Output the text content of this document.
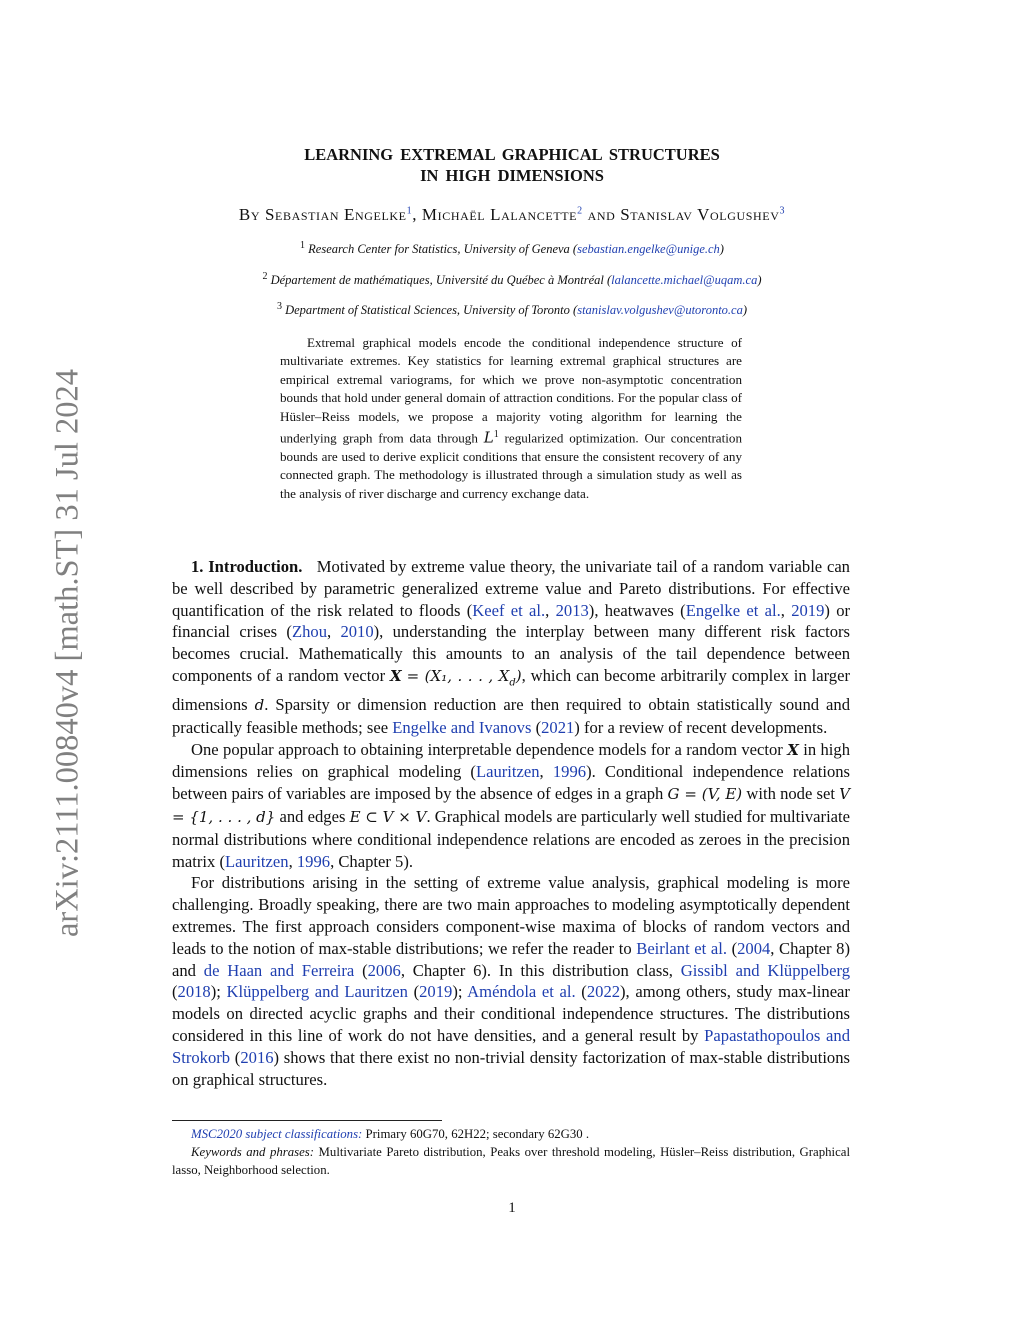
arXiv:2111.00840v4 [math.ST] 31 Jul 2024
LEARNING EXTREMAL GRAPHICAL STRUCTURES
IN HIGH DIMENSIONS
By Sebastian Engelke$^1$, Michaël Lalancette$^2$ and Stanislav Volgushev$^3$
$^1$ Research Center for Statistics, University of Geneva (sebastian.engelke@unige.ch)
$^2$ Département de mathématiques, Université du Québec à Montréal (lalancette.michael@uqam.ca)
$^3$ Department of Statistical Sciences, University of Toronto (stanislav.volgushev@utoronto.ca)

Extremal graphical models encode the conditional independence structure of multivariate extremes. Key statistics for learning extremal graphical structures are empirical extremal variograms, for which we prove non-asymptotic concentration bounds that hold under general domain of attraction conditions. For the popular class of Hüsler–Reiss models, we propose a majority voting algorithm for learning the underlying graph from data through $L^1$ regularized optimization. Our concentration bounds are used to derive explicit conditions that ensure the consistent recovery of any connected graph. The methodology is illustrated through a simulation study as well as the analysis of river discharge and currency exchange data.

1. Introduction. Motivated by extreme value theory, the univariate tail of a random variable can be well described by parametric generalized extreme value and Pareto distributions. For effective quantification of the risk related to floods (Keef et al., 2013), heatwaves (Engelke et al., 2019) or financial crises (Zhou, 2010), understanding the interplay between many different risk factors becomes crucial. Mathematically this amounts to an analysis of the tail dependence between components of a random vector X = (X₁, . . . , $X_d$), which can become arbitrarily complex in larger dimensions d. Sparsity or dimension reduction are then required to obtain statistically sound and practically feasible methods; see Engelke and Ivanovs (2021) for a review of recent developments.

One popular approach to obtaining interpretable dependence models for a random vector X in high dimensions relies on graphical modeling (Lauritzen, 1996). Conditional independence relations between pairs of variables are imposed by the absence of edges in a graph G = (V, E) with node set V = {1, . . . , d} and edges E ⊂ V × V. Graphical models are particularly well studied for multivariate normal distributions where conditional independence relations are encoded as zeroes in the precision matrix (Lauritzen, 1996, Chapter 5).

For distributions arising in the setting of extreme value analysis, graphical modeling is more challenging. Broadly speaking, there are two main approaches to modeling asymptotically dependent extremes. The first approach considers component-wise maxima of blocks of random vectors and leads to the notion of max-stable distributions; we refer the reader to Beirlant et al. (2004, Chapter 8) and de Haan and Ferreira (2006, Chapter 6). In this distribution class, Gissibl and Klüppelberg (2018); Klüppelberg and Lauritzen (2019); Améndola et al. (2022), among others, study max-linear models on directed acyclic graphs and their conditional independence structures. The distributions considered in this line of work do not have densities, and a general result by Papastathopoulos and Strokorb (2016) shows that there exist no non-trivial density factorization of max-stable distributions on graphical structures.

MSC2020 subject classifications: Primary 60G70, 62H22; secondary 62G30 .

Keywords and phrases: Multivariate Pareto distribution, Peaks over threshold modeling, Hüsler–Reiss distribution, Graphical lasso, Neighborhood selection.

1
